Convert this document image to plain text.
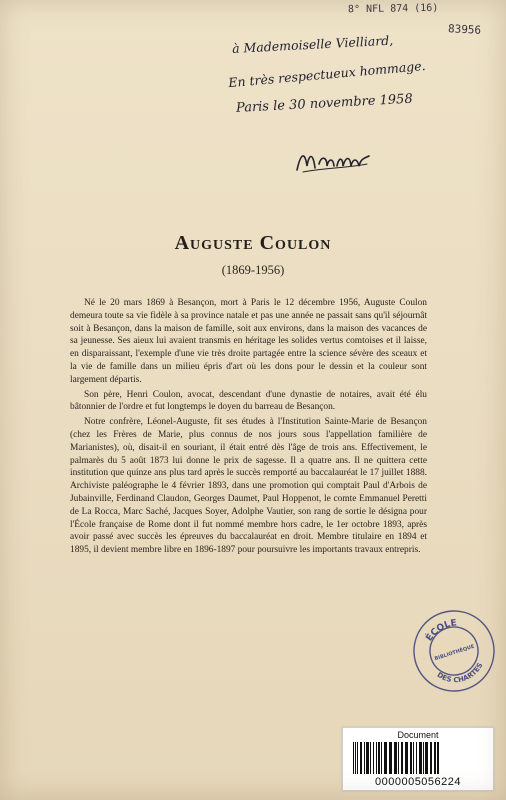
8° NFL 874 (16)
83956
à Mademoiselle Vielliard,
En très respectueux hommage.
Paris le 30 novembre 1958
Auguste Coulon
(1869-1956)

Né le 20 mars 1869 à Besançon, mort à Paris le 12 décembre 1956, Auguste Coulon demeura toute sa vie fidèle à sa province natale et pas une année ne passait sans qu'il séjournât soit à Besançon, dans la maison de famille, soit aux environs, dans la maison des vacances de sa jeunesse. Ses aieux lui avaient transmis en héritage les solides vertus comtoises et il laisse, en disparaissant, l'exemple d'une vie très droite partagée entre la science sévère des sceaux et la vie de famille dans un milieu épris d'art où les dons pour le dessin et la couleur sont largement départis.

Son père, Henri Coulon, avocat, descendant d'une dynastie de notaires, avait été élu bâtonnier de l'ordre et fut longtemps le doyen du barreau de Besançon.

Notre confrère, Léonel-Auguste, fit ses études à l'Institution Sainte-Marie de Besançon (chez les Frères de Marie, plus connus de nos jours sous l'appellation familière de Marianistes), où, disait-il en souriant, il était entré dès l'âge de trois ans. Effectivement, le palmarès du 5 août 1873 lui donne le prix de sagesse. Il a quatre ans. Il ne quittera cette institution que quinze ans plus tard après le succès remporté au baccalauréat le 17 juillet 1888. Archiviste paléographe le 4 février 1893, dans une promotion qui comptait Paul d'Arbois de Jubainville, Ferdinand Claudon, Georges Daumet, Paul Hoppenot, le comte Emmanuel Peretti de La Rocca, Marc Saché, Jacques Soyer, Adolphe Vautier, son rang de sortie le désigna pour l'École française de Rome dont il fut nommé membre hors cadre, le 1er octobre 1893, après avoir passé avec succès les épreuves du baccalauréat en droit. Membre titulaire en 1894 et 1895, il devient membre libre en 1896-1897 pour poursuivre les importants travaux entrepris.

ÉCOLE
DES CHARTES
BIBLIOTHÈQUE
Document
0000005056224
